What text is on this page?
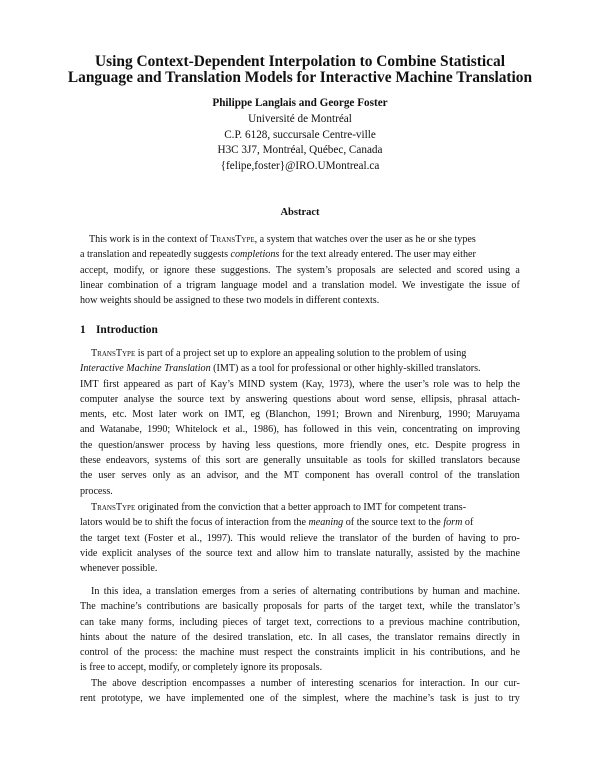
Using Context-Dependent Interpolation to Combine Statistical
Language and Translation Models for Interactive Machine Translation
Philippe Langlais and George Foster
Université de Montréal
C.P. 6128, succursale Centre-ville
H3C 3J7, Montréal, Québec, Canada
{felipe,foster}@IRO.UMontreal.ca
Abstract
This work is in the context of TransType, a system that watches over the user as he or she types
a translation and repeatedly suggests completions for the text already entered. The user may either
accept, modify, or ignore these suggestions. The system’s proposals are selected and scored using a
linear combination of a trigram language model and a translation model. We investigate the issue of
how weights should be assigned to these two models in different contexts.
1 Introduction
TransType is part of a project set up to explore an appealing solution to the problem of using
Interactive Machine Translation (IMT) as a tool for professional or other highly-skilled translators.
IMT first appeared as part of Kay’s MIND system (Kay, 1973), where the user’s role was to help the
computer analyse the source text by answering questions about word sense, ellipsis, phrasal attach-
ments, etc. Most later work on IMT, eg (Blanchon, 1991; Brown and Nirenburg, 1990; Maruyama
and Watanabe, 1990; Whitelock et al., 1986), has followed in this vein, concentrating on improving
the question/answer process by having less questions, more friendly ones, etc. Despite progress in
these endeavors, systems of this sort are generally unsuitable as tools for skilled translators because
the user serves only as an advisor, and the MT component has overall control of the translation
process.
TransType originated from the conviction that a better approach to IMT for competent trans-
lators would be to shift the focus of interaction from the meaning of the source text to the form of
the target text (Foster et al., 1997). This would relieve the translator of the burden of having to pro-
vide explicit analyses of the source text and allow him to translate naturally, assisted by the machine
whenever possible.
In this idea, a translation emerges from a series of alternating contributions by human and machine.
The machine’s contributions are basically proposals for parts of the target text, while the translator’s
can take many forms, including pieces of target text, corrections to a previous machine contribution,
hints about the nature of the desired translation, etc. In all cases, the translator remains directly in
control of the process: the machine must respect the constraints implicit in his contributions, and he
is free to accept, modify, or completely ignore its proposals.
The above description encompasses a number of interesting scenarios for interaction. In our cur-
rent prototype, we have implemented one of the simplest, where the machine’s task is just to try
